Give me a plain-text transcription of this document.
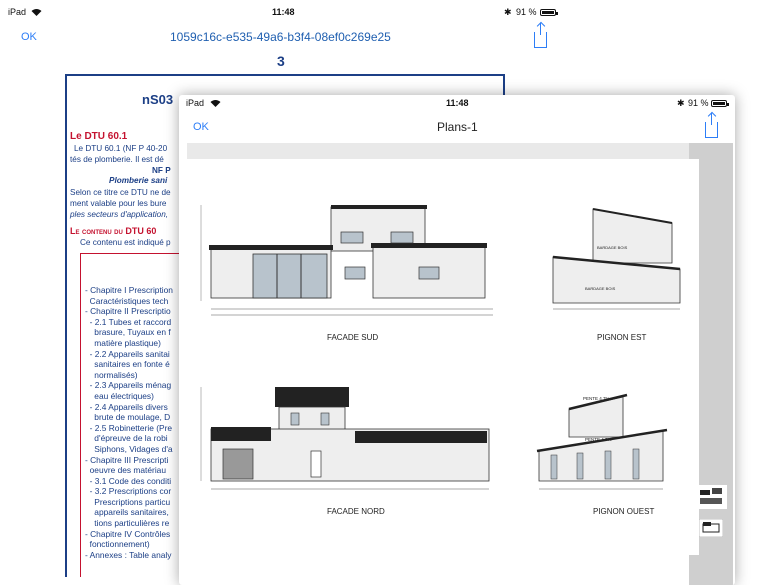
iPad	11:48	✱ 91 %
OK	1059c16c-e535-49a6-b3f4-08ef0c269e25
3
nS03
Le DTU 60.1
Le DTU 60.1 (NF P 40-20
tés de plomberie. Il est dé
NF P
Plomberie sani
Selon ce titre ce DTU ne de
ment valable pour les bure
ples secteurs d'application,
Le contenu du DTU 60
Ce contenu est indiqué p
- Chapitre I Prescription
Caractéristiques tech
- Chapitre II Prescriptio
- 2.1 Tubes et raccord
brasure, Tuyaux en f
matière plastique)
- 2.2 Appareils sanitai
sanitaires en fonte é
normalisés)
- 2.3 Appareils ménag
eau électriques)
- 2.4 Appareils divers
brute de moulage, D
- 2.5 Robinetterie (Pre
d'épreuve de la robi
Siphons, Vidages d'a
- Chapitre III Prescripti
oeuvre des matériau
- 3.1 Code des conditi
- 3.2 Prescriptions cor
Prescriptions particu
appareils sanitaires,
tions particulières re
- Chapitre IV Contrôles
fonctionnement)
- Annexes : Table analy
iPad	11:48	✱ 91 %
OK	Plans-1
FACADE SUD	PIGNON EST
FACADE NORD	PIGNON OUEST
BARDAGE BOIS
BARDAGE BOIS
PENTE 4.7%
PENTE 4.7%
